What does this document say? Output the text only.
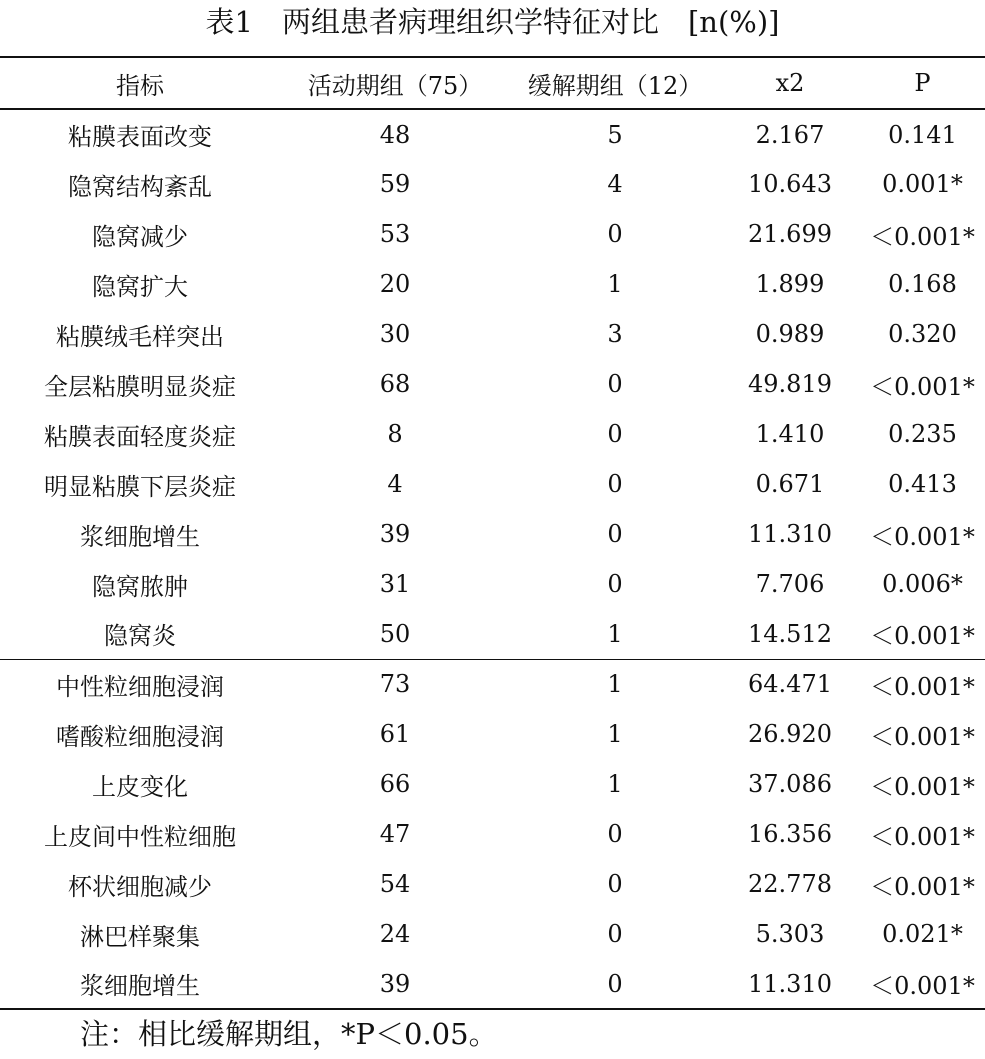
表1　两组患者病理组织学特征对比　[n(%)]
指标	活动期组（75）	缓解期组（12）	x2	P
粘膜表面改变	48	5	2.167	0.141
隐窝结构紊乱	59	4	10.643	0.001*
隐窝减少	53	0	21.699	＜0.001*
隐窝扩大	20	1	1.899	0.168
粘膜绒毛样突出	30	3	0.989	0.320
全层粘膜明显炎症	68	0	49.819	＜0.001*
粘膜表面轻度炎症	8	0	1.410	0.235
明显粘膜下层炎症	4	0	0.671	0.413
浆细胞增生	39	0	11.310	＜0.001*
隐窝脓肿	31	0	7.706	0.006*
隐窝炎	50	1	14.512	＜0.001*
中性粒细胞浸润	73	1	64.471	＜0.001*
嗜酸粒细胞浸润	61	1	26.920	＜0.001*
上皮变化	66	1	37.086	＜0.001*
上皮间中性粒细胞	47	0	16.356	＜0.001*
杯状细胞减少	54	0	22.778	＜0.001*
淋巴样聚集	24	0	5.303	0.021*
浆细胞增生	39	0	11.310	＜0.001*
注：相比缓解期组，*P＜0.05。
